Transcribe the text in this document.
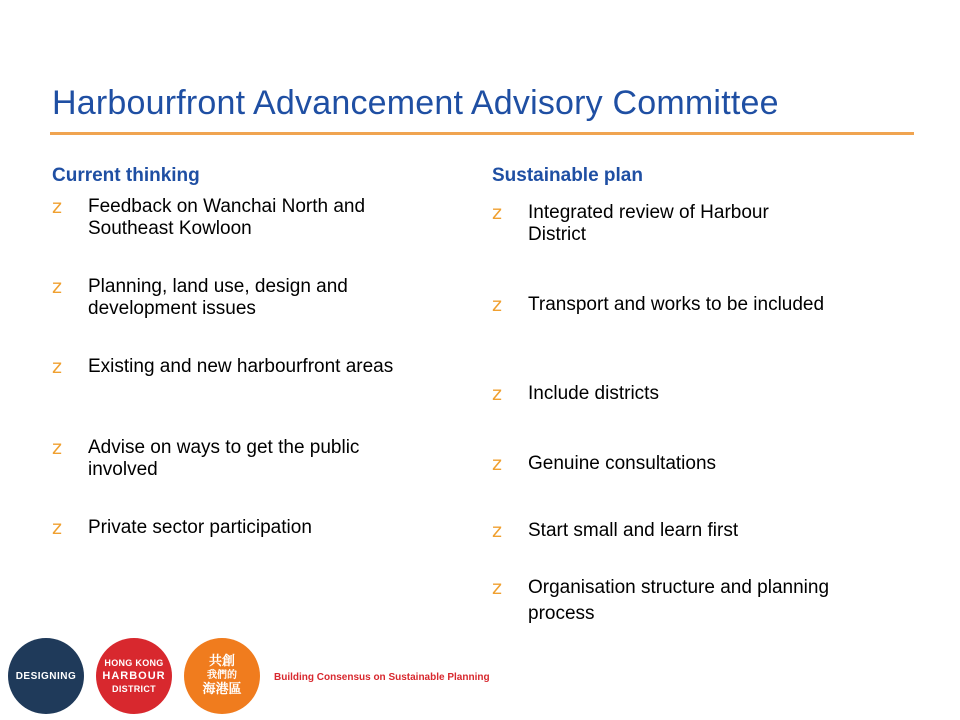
Harbourfront Advancement Advisory Committee
Current thinking
z Feedback on Wanchai North and Southeast Kowloon
z Planning, land use, design and development issues
z Existing and new harbourfront areas
z Advise on ways to get the public involved
z Private sector participation
Sustainable plan
z Integrated review of Harbour District
z Transport and works to be included
z Include districts
z Genuine consultations
z Start small and learn first
z Organisation structure and planning process
DESIGNING
HONG KONG
HARBOUR
DISTRICT
共創
我們的
海港區
Building Consensus on Sustainable Planning
